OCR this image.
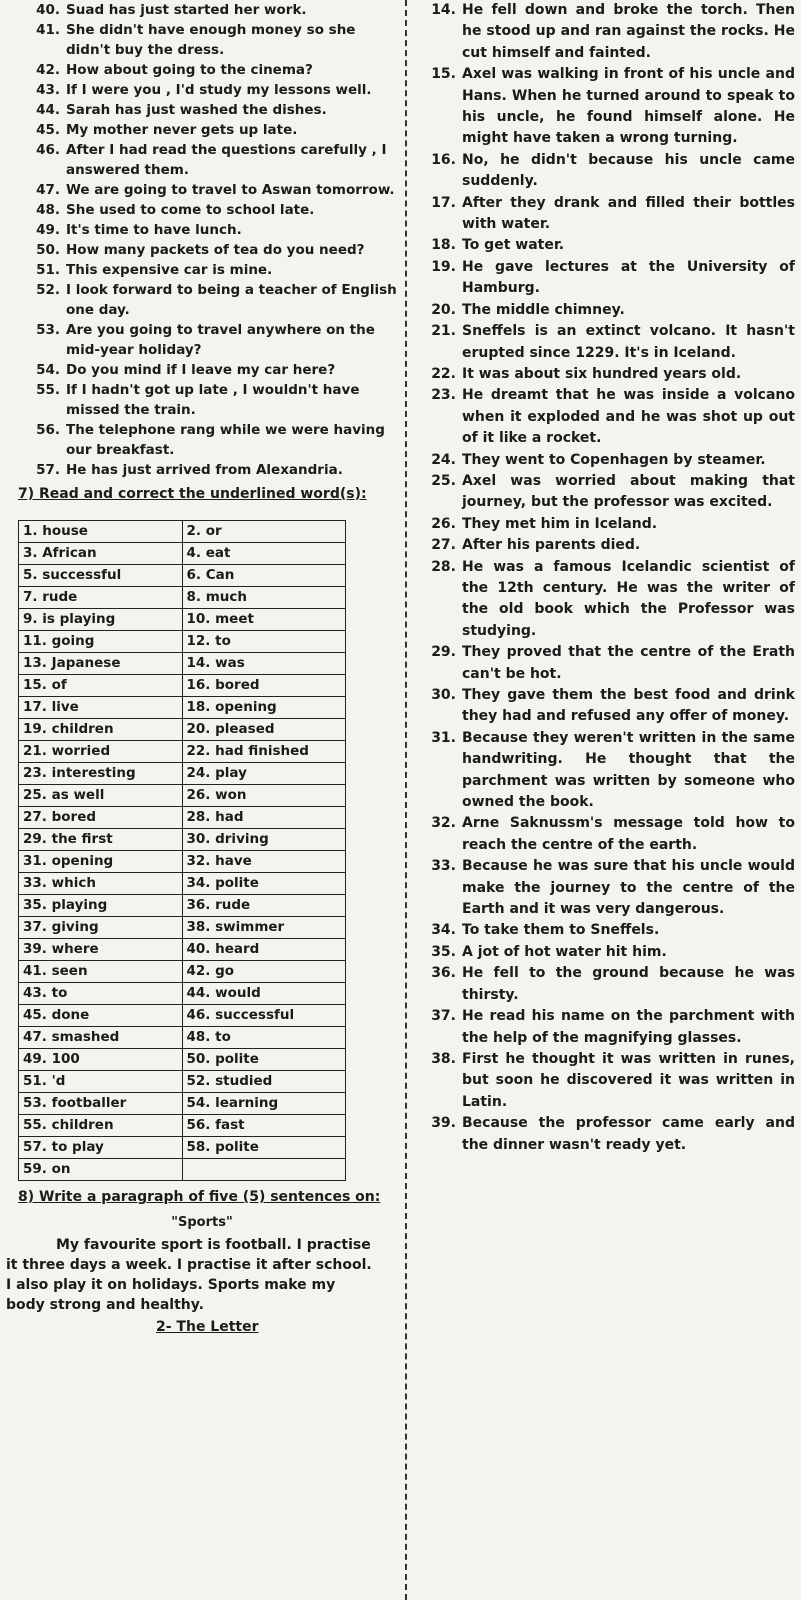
40. Suad has just started her work.
41. She didn't have enough money so she didn't buy the dress.
42. How about going to the cinema?
43. If I were you , I'd study my lessons well.
44. Sarah has just washed the dishes.
45. My mother never gets up late.
46. After I had read the questions carefully , I answered them.
47. We are going to travel to Aswan tomorrow.
48. She used to come to school late.
49. It's time to have lunch.
50. How many packets of tea do you need?
51. This expensive car is mine.
52. I look forward to being a teacher of English one day.
53. Are you going to travel anywhere on the mid-year holiday?
54. Do you mind if I leave my car here?
55. If I hadn't got up late , I wouldn't have missed the train.
56. The telephone rang while we were having our breakfast.
57. He has just arrived from Alexandria.
7) Read and correct the underlined word(s):
1. house	2. or
3. African	4. eat
5. successful	6. Can
7. rude	8. much
9. is playing	10. meet
11. going	12. to
13. Japanese	14. was
15. of	16. bored
17. live	18. opening
19. children	20. pleased
21. worried	22. had finished
23. interesting	24. play
25. as well	26. won
27. bored	28. had
29. the first	30. driving
31. opening	32. have
33. which	34. polite
35. playing	36. rude
37. giving	38. swimmer
39. where	40. heard
41. seen	42. go
43. to	44. would
45. done	46. successful
47. smashed	48. to
49. 100	50. polite
51. 'd	52. studied
53. footballer	54. learning
55. children	56. fast
57. to play	58. polite
59. on	
8) Write a paragraph of five (5) sentences on:
"Sports"

My favourite sport is football. I practise it three days a week. I practise it after school. I also play it on holidays. Sports make my body strong and healthy.

2- The Letter
14. He fell down and broke the torch. Then he stood up and ran against the rocks. He cut himself and fainted.
15. Axel was walking in front of his uncle and Hans. When he turned around to speak to his uncle, he found himself alone. He might have taken a wrong turning.
16. No, he didn't because his uncle came suddenly.
17. After they drank and filled their bottles with water.
18. To get water.
19. He gave lectures at the University of Hamburg.
20. The middle chimney.
21. Sneffels is an extinct volcano. It hasn't erupted since 1229. It's in Iceland.
22. It was about six hundred years old.
23. He dreamt that he was inside a volcano when it exploded and he was shot up out of it like a rocket.
24. They went to Copenhagen by steamer.
25. Axel was worried about making that journey, but the professor was excited.
26. They met him in Iceland.
27. After his parents died.
28. He was a famous Icelandic scientist of the 12th century. He was the writer of the old book which the Professor was studying.
29. They proved that the centre of the Erath can't be hot.
30. They gave them the best food and drink they had and refused any offer of money.
31. Because they weren't written in the same handwriting. He thought that the parchment was written by someone who owned the book.
32. Arne Saknussm's message told how to reach the centre of the earth.
33. Because he was sure that his uncle would make the journey to the centre of the Earth and it was very dangerous.
34. To take them to Sneffels.
35. A jot of hot water hit him.
36. He fell to the ground because he was thirsty.
37. He read his name on the parchment with the help of the magnifying glasses.
38. First he thought it was written in runes, but soon he discovered it was written in Latin.
39. Because the professor came early and the dinner wasn't ready yet.
